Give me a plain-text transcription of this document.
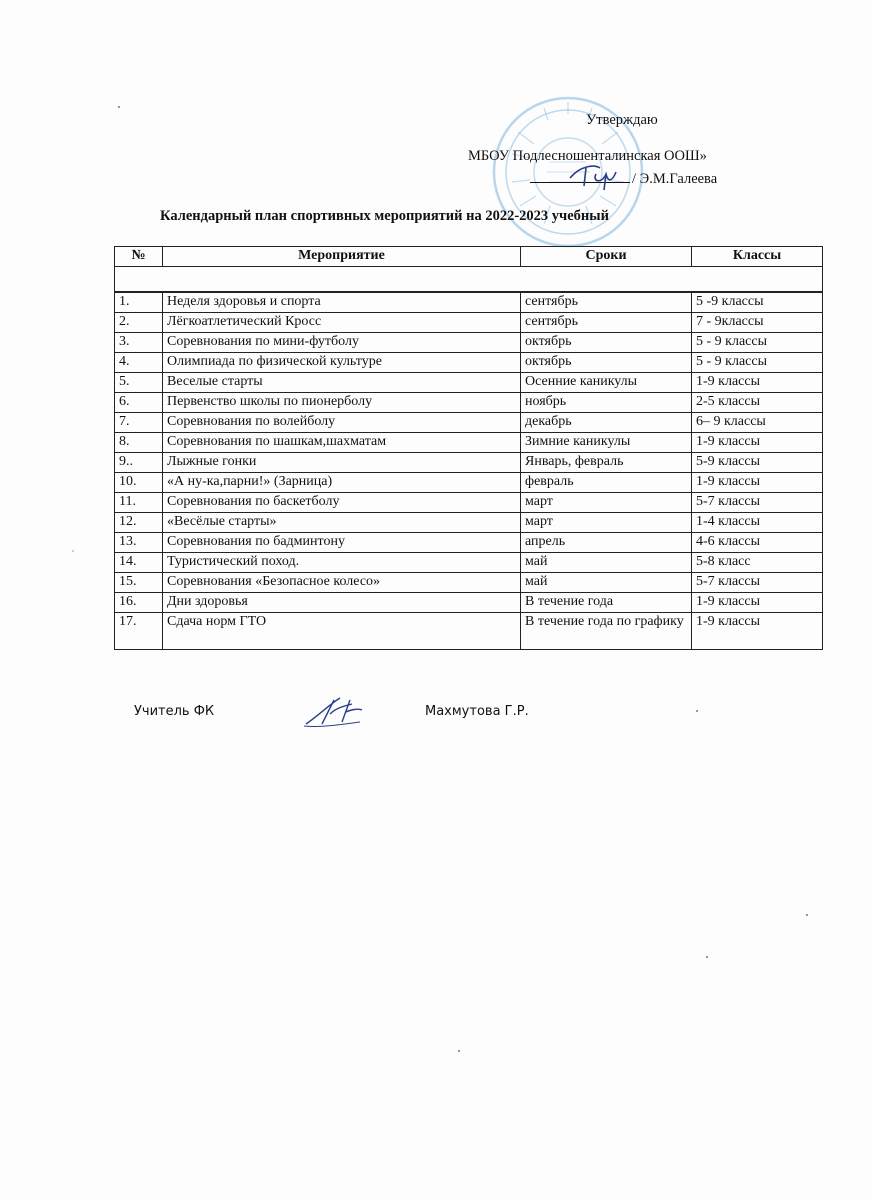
Утверждаю
МБОУ Подлесношенталинская ООШ»
/ Э.М.Галеева
Календарный план спортивных мероприятий на 2022-2023 учебный
№	Мероприятие	Сроки	Классы

1.	Неделя здоровья и спорта	сентябрь	5 -9 классы
2.	Лёгкоатлетический Кросс	сентябрь	7 - 9классы
3.	Соревнования по мини-футболу	октябрь	5 - 9 классы
4.	Олимпиада по физической культуре	октябрь	5 - 9 классы
5.	Веселые старты	Осенние каникулы	1-9 классы
6.	Первенство школы по пионерболу	ноябрь	2-5 классы
7.	Соревнования по волейболу	декабрь	6– 9 классы
8.	Соревнования по шашкам,шахматам	Зимние каникулы	1-9 классы
9..	Лыжные гонки	Январь, февраль	5-9 классы
10.	«А ну-ка,парни!» (Зарница)	февраль	1-9 классы
11.	Соревнования по баскетболу	март	5-7 классы
12.	«Весёлые старты»	март	1-4 классы
13.	Соревнования по бадминтону	апрель	4-6 классы
14.	Туристический поход.	май	5-8 класс
15.	Соревнования «Безопасное колесо»	май	5-7 классы
16.	Дни здоровья	В течение года	1-9 классы
17.	Сдача норм ГТО	В течение года по графику	1-9 классы
Учитель ФК	Махмутова Г.Р.
